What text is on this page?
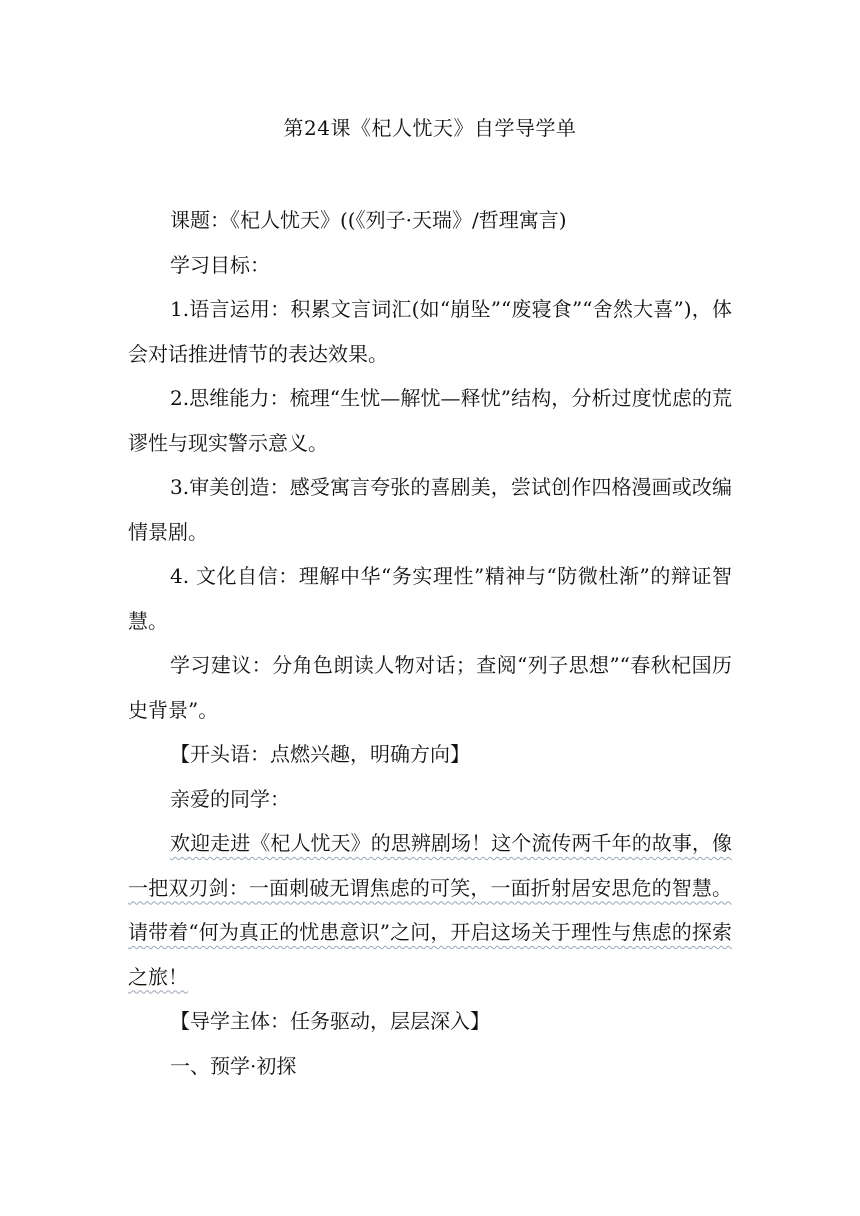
第24课《杞人忧天》自学导学单

课题：《杞人忧天》((《列子·天瑞》/哲理寓言)

学习目标：

1.语言运用：积累文言词汇(如“崩坠”“废寝食”“舍然大喜”)，体会对话推进情节的表达效果。

2.思维能力：梳理“生忧—解忧—释忧”结构，分析过度忧虑的荒谬性与现实警示意义。

3.审美创造：感受寓言夸张的喜剧美，尝试创作四格漫画或改编情景剧。

4. 文化自信：理解中华“务实理性”精神与“防微杜渐”的辩证智慧。

学习建议：分角色朗读人物对话；查阅“列子思想”“春秋杞国历史背景”。

【开头语：点燃兴趣，明确方向】

亲爱的同学：

欢迎走进《杞人忧天》的思辨剧场！这个流传两千年的故事，像一把双刃剑：一面刺破无谓焦虑的可笑，一面折射居安思危的智慧。请带着“何为真正的忧患意识”之问，开启这场关于理性与焦虑的探索之旅！

【导学主体：任务驱动，层层深入】

一、预学·初探
